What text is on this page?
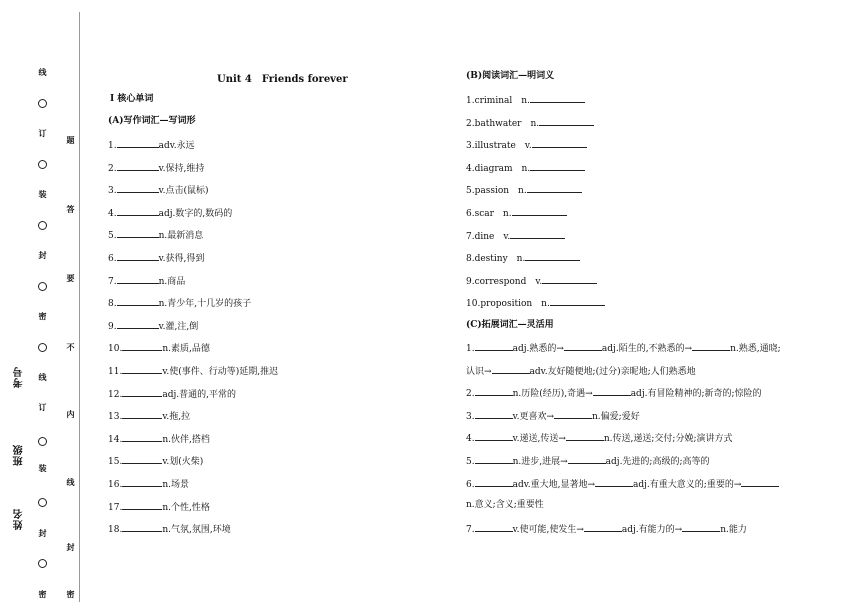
线
订
装
封
密
线
订
装
封
密
题
答
要
不
内
线
封
密
考号
班级
姓名
Unit 4　Friends forever
Ⅰ 核心单词
(A)写作词汇—写词形
1.	adv.永远
2.	v.保持,维持
3.	v.点击(鼠标)
4.	adj.数字的,数码的
5.	n.最新消息
6.	v.获得,得到
7.	n.商品
8.	n.青少年,十几岁的孩子
9.	v.灌,注,倒
10.	n.素质,品德
11.	v.使(事件、行动等)延期,推迟
12.	adj.普通的,平常的
13.	v.拖,拉
14.	n.伙伴,搭档
15.	v.划(火柴)
16.	n.场景
17.	n.个性,性格
18.	n.气氛,氛围,环境
(B)阅读词汇—明词义
1.criminal　n.
2.bathwater　n.
3.illustrate　v.
4.diagram　n.
5.passion　n.
6.scar　n.
7.dine　v.
8.destiny　n.
9.correspond　v.
10.proposition　n.
(C)拓展词汇—灵活用
1.	adj.熟悉的→	adj.陌生的,不熟悉的→	n.熟悉,通晓;
认识→	adv.友好随便地;(过分)亲昵地;人们熟悉地
2.	n.历险(经历),奇遇→	adj.有冒险精神的;新奇的;惊险的
3.	v.更喜欢→	n.偏爱;爱好
4.	v.递送,传送→	n.传送,递送;交付;分娩;演讲方式
5.	n.进步,进展→	adj.先进的;高级的;高等的
6.	adv.重大地,显著地→	adj.有重大意义的;重要的→
n.意义;含义;重要性
7.	v.使可能,使发生→	adj.有能力的→	n.能力
